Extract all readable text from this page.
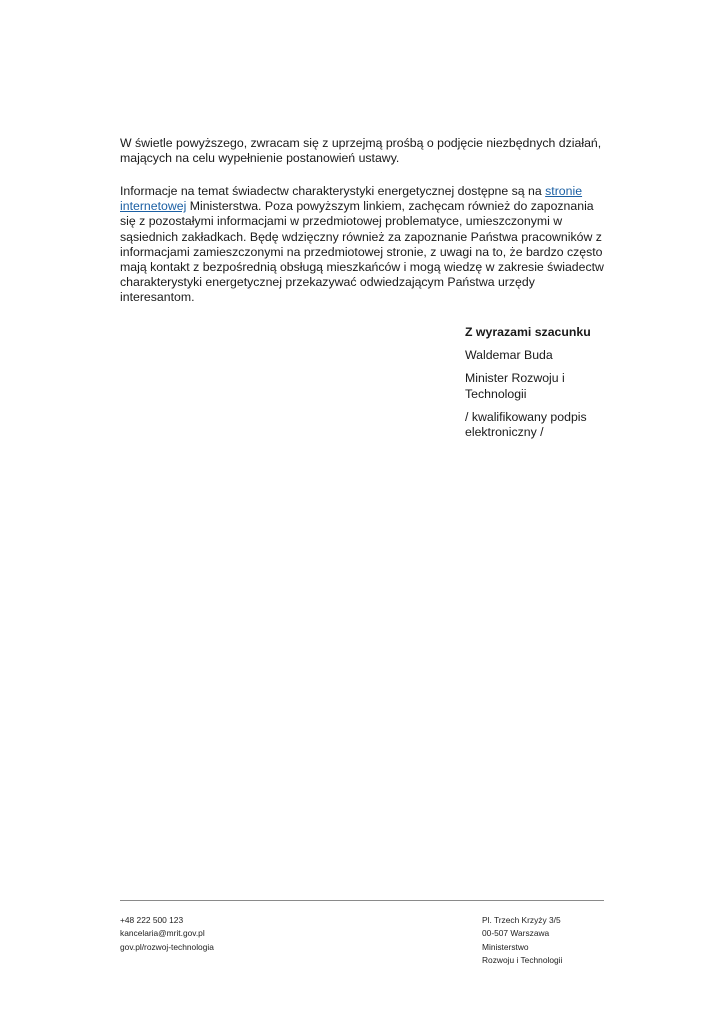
W świetle powyższego, zwracam się z uprzejmą prośbą o podjęcie niezbędnych działań, mających na celu wypełnienie postanowień ustawy.

Informacje na temat świadectw charakterystyki energetycznej dostępne są na stronie internetowej Ministerstwa. Poza powyższym linkiem, zachęcam również do zapoznania się z pozostałymi informacjami w przedmiotowej problematyce, umieszczonymi w sąsiednich zakładkach. Będę wdzięczny również za zapoznanie Państwa pracowników z informacjami zamieszczonymi na przedmiotowej stronie, z uwagi na to, że bardzo często mają kontakt z bezpośrednią obsługą mieszkańców i mogą wiedzę w zakresie świadectw charakterystyki energetycznej przekazywać odwiedzającym Państwa urzędy interesantom.

Z wyrazami szacunku

Waldemar Buda

Minister Rozwoju i Technologii

/ kwalifikowany podpis elektroniczny /

+48 222 500 123
kancelaria@mrit.gov.pl
gov.pl/rozwoj-technologia
Pl. Trzech Krzyży 3/5
00-507 Warszawa
Ministerstwo
Rozwoju i Technologii
